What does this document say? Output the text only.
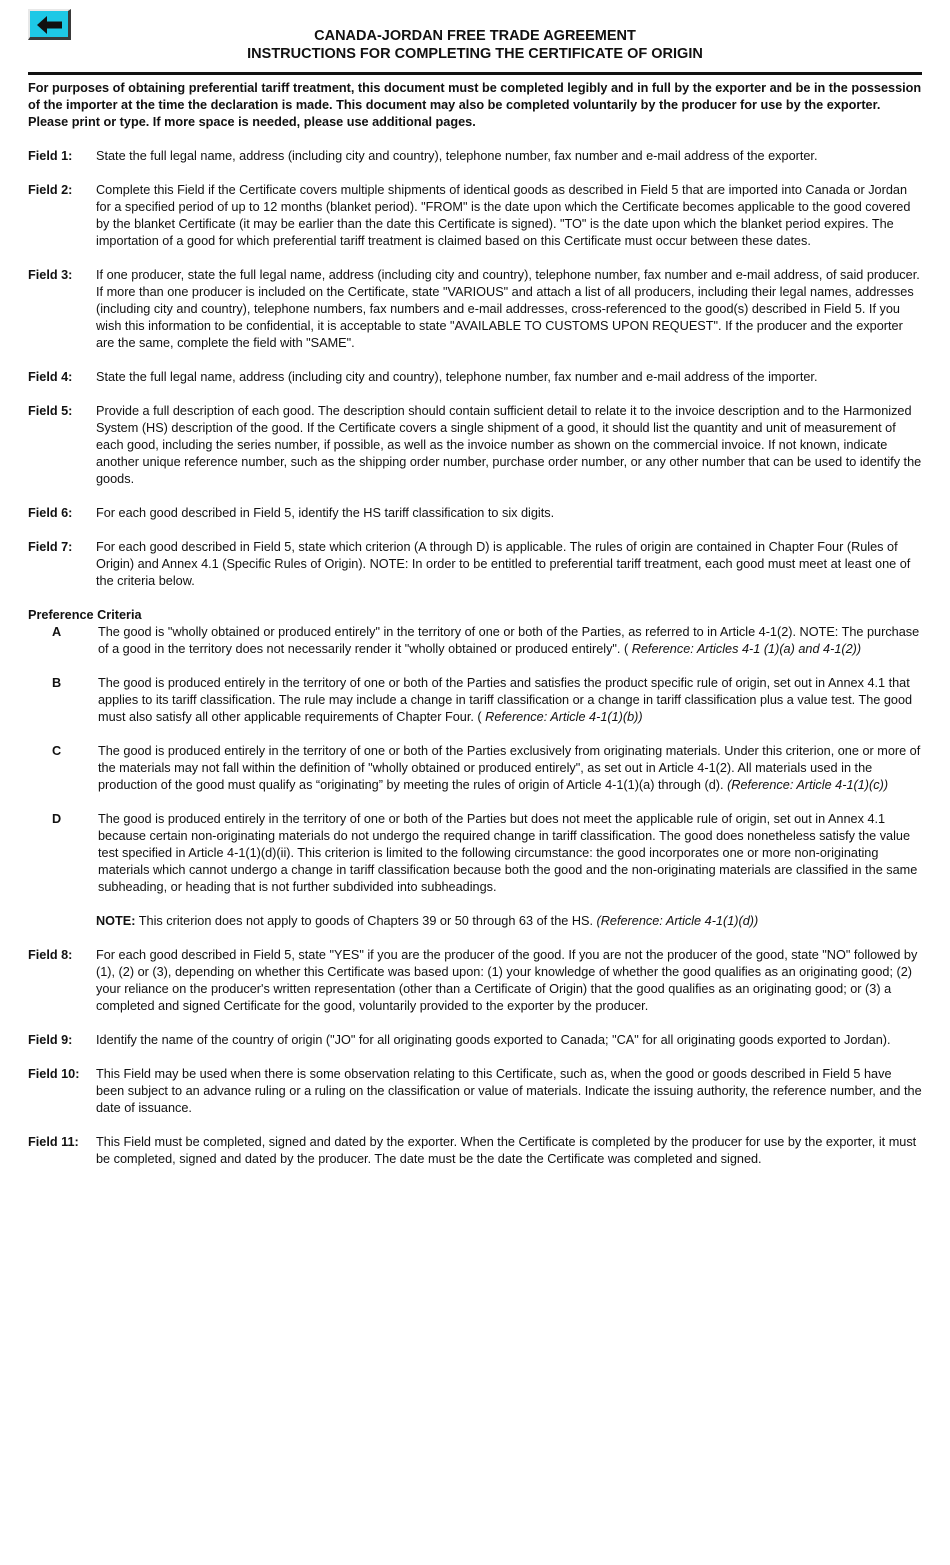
CANADA-JORDAN FREE TRADE AGREEMENT
INSTRUCTIONS FOR COMPLETING THE CERTIFICATE OF ORIGIN

For purposes of obtaining preferential tariff treatment, this document must be completed legibly and in full by the exporter and be in the possession of the importer at the time the declaration is made. This document may also be completed voluntarily by the producer for use by the exporter. Please print or type. If more space is needed, please use additional pages.

Field 1:	State the full legal name, address (including city and country), telephone number, fax number and e-mail address of the exporter.
Field 2:	Complete this Field if the Certificate covers multiple shipments of identical goods as described in Field 5 that are imported into Canada or Jordan for a specified period of up to 12 months (blanket period). "FROM" is the date upon which the Certificate becomes applicable to the good covered by the blanket Certificate (it may be earlier than the date this Certificate is signed). "TO" is the date upon which the blanket period expires. The importation of a good for which preferential tariff treatment is claimed based on this Certificate must occur between these dates.
Field 3:	If one producer, state the full legal name, address (including city and country), telephone number, fax number and e-mail address, of said producer. If more than one producer is included on the Certificate, state "VARIOUS" and attach a list of all producers, including their legal names, addresses (including city and country), telephone numbers, fax numbers and e-mail addresses, cross-referenced to the good(s) described in Field 5. If you wish this information to be confidential, it is acceptable to state "AVAILABLE TO CUSTOMS UPON REQUEST". If the producer and the exporter are the same, complete the field with "SAME".
Field 4:	State the full legal name, address (including city and country), telephone number, fax number and e-mail address of the importer.
Field 5:	Provide a full description of each good. The description should contain sufficient detail to relate it to the invoice description and to the Harmonized System (HS) description of the good. If the Certificate covers a single shipment of a good, it should list the quantity and unit of measurement of each good, including the series number, if possible, as well as the invoice number as shown on the commercial invoice. If not known, indicate another unique reference number, such as the shipping order number, purchase order number, or any other number that can be used to identify the goods.
Field 6:	For each good described in Field 5, identify the HS tariff classification to six digits.
Field 7:	For each good described in Field 5, state which criterion (A through D) is applicable. The rules of origin are contained in Chapter Four (Rules of Origin) and Annex 4.1 (Specific Rules of Origin). NOTE: In order to be entitled to preferential tariff treatment, each good must meet at least one of the criteria below.
Preference Criteria
A	The good is "wholly obtained or produced entirely" in the territory of one or both of the Parties, as referred to in Article 4-1(2). NOTE: The purchase of a good in the territory does not necessarily render it "wholly obtained or produced entirely". ( Reference: Articles 4-1 (1)(a) and 4-1(2))
B	The good is produced entirely in the territory of one or both of the Parties and satisfies the product specific rule of origin, set out in Annex 4.1 that applies to its tariff classification. The rule may include a change in tariff classification or a change in tariff classification plus a value test. The good must also satisfy all other applicable requirements of Chapter Four. ( Reference: Article 4-1(1)(b))
C	The good is produced entirely in the territory of one or both of the Parties exclusively from originating materials. Under this criterion, one or more of the materials may not fall within the definition of "wholly obtained or produced entirely", as set out in Article 4-1(2). All materials used in the production of the good must qualify as “originating” by meeting the rules of origin of Article 4-1(1)(a) through (d). (Reference: Article 4-1(1)(c))
D	The good is produced entirely in the territory of one or both of the Parties but does not meet the applicable rule of origin, set out in Annex 4.1 because certain non-originating materials do not undergo the required change in tariff classification. The good does nonetheless satisfy the value test specified in Article 4-1(1)(d)(ii). This criterion is limited to the following circumstance: the good incorporates one or more non-originating materials which cannot undergo a change in tariff classification because both the good and the non-originating materials are classified in the same subheading, or heading that is not further subdivided into subheadings.
NOTE: This criterion does not apply to goods of Chapters 39 or 50 through 63 of the HS. (Reference: Article 4-1(1)(d))
Field 8:	For each good described in Field 5, state "YES" if you are the producer of the good. If you are not the producer of the good, state "NO" followed by (1), (2) or (3), depending on whether this Certificate was based upon: (1) your knowledge of whether the good qualifies as an originating good; (2) your reliance on the producer's written representation (other than a Certificate of Origin) that the good qualifies as an originating good; or (3) a completed and signed Certificate for the good, voluntarily provided to the exporter by the producer.
Field 9:	Identify the name of the country of origin ("JO" for all originating goods exported to Canada; "CA" for all originating goods exported to Jordan).
Field 10:	This Field may be used when there is some observation relating to this Certificate, such as, when the good or goods described in Field 5 have been subject to an advance ruling or a ruling on the classification or value of materials. Indicate the issuing authority, the reference number, and the date of issuance.
Field 11:	This Field must be completed, signed and dated by the exporter. When the Certificate is completed by the producer for use by the exporter, it must be completed, signed and dated by the producer. The date must be the date the Certificate was completed and signed.
